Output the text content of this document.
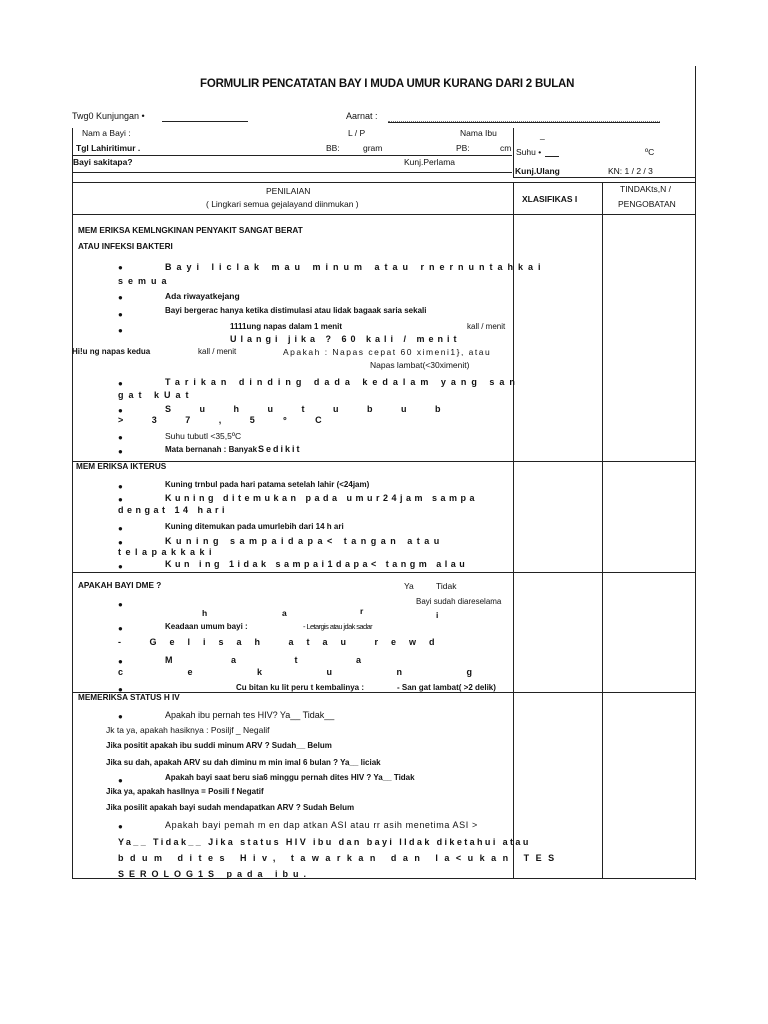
FORMULIR PENCATATAN BAY I MUDA UMUR KURANG DARI 2 BULAN
Twg0 Kunjungan •	Aarnat :
Nam a Bayi :	L / P	Nama Ibu	_
Tgl Lahiritimur .	BB:	gram	PB:	cm Suhu •	ºC
Bayi sakitapa?	Kunj.Perlama
Kunj.Ulang	KN: 1 / 2 / 3
PENILAIAN
( Lingkari semua gejalayand diinmukan )	XLASIFIKAS I
TINDAKts,N /
PENGOBATAN
MEM ERIKSA KEMLNGKINAN PENYAKIT SANGAT BERAT
ATAU INFEKSI BAKTERI
●	Bayi liclak mau minum atau rnernuntahkai
semua
●	Ada riwayatkejang
●	Bayi bergerac hanya ketika distimulasi atau lidak bagaak saria sekali
●	1111ung napas dalam 1 menit	kall / menit
Ulangi jika ? 60 kali / menit
Hi!u ng napas kedua	kall / menit	Apakah : Napas cepat 60 ximeni1}, atau
Napas lambat(<30ximenit)
●	Tarikan dinding dada kedalam yang san
gat kUat
●	S u h u t u b u b
> 3 7 , 5 º C
●	Suhu tubutl <35,5ºC
●	Mata bernanah : Banyak Sedikit
MEM ERIKSA IKTERUS
●	Kuning trnbul pada hari patama setelah lahir (<24jam)
●	Kuning ditemukan pada umur24jam sampa
dengat 14 hari
●	Kuning ditemukan pada umurlebih dari 14 h ari
●	Kuning sampaidapa< tangan atau
telapakkaki
●	Kun ing 1idak sampai1dapa< tangm alau
APAKAH BAYI DME ?	Ya	Tidak
●	Bayi sudah diareselama
h	a	r	i
●	Keadaan umum bayi :	- Letargis atau jdak sadar
- Gelisah atau rewd
●	M a t a
c e k u n g
●	Cu bitan ku lit peru t kembalinya :	- San gat lambat( >2 delik)
MEMERIKSA STATUS H IV
●	Apakah ibu pernah tes HIV? Ya__ Tidak__
Jk ta ya, apakah hasiknya : Posiljf _ Negalif
Jika positit apakah ibu suddi minum ARV ? Sudah__ Belum
Jika su dah, apakah ARV su dah diminu m min imal 6 bulan ? Ya__ liciak
●	Apakah bayi saat beru sia6 minggu pernah dites HIV ? Ya__ Tidak
Jika ya, apakah haslInya = Posili f Negatif
Jika posilit apakah bayi sudah mendapatkan ARV ? Sudah Belum
●	Apakah bayi pemah m en dap atkan ASI atau rr asih menetima ASI >
Ya__ Tidak__ Jika status HIV ibu dan bayi lldak diketahui atau
bdum dites Hiv, tawarkan dan la<ukan TES
SEROLOG1S pada ibu.
